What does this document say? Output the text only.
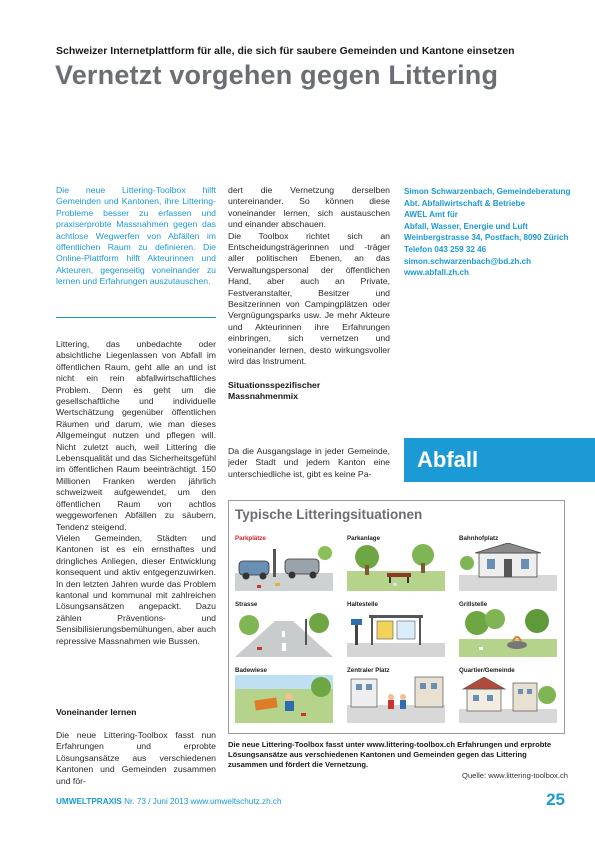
Schweizer Internetplattform für alle, die sich für saubere Gemeinden und Kantone einsetzen
Vernetzt vorgehen gegen Littering
Die neue Littering-Toolbox hilft Gemeinden und Kantonen, ihre Littering-Probleme besser zu erfassen und praxiserprobte Massnahmen gegen das achtlose Wegwerfen von Abfällen im öffentlichen Raum zu definieren. Die Online-Plattform hilft Akteurinnen und Akteuren, gegenseitig voneinander zu lernen und Erfahrungen auszutauschen.

Littering, das unbedachte oder absichtliche Liegenlassen von Abfall im öffentlichen Raum, geht alle an und ist nicht ein rein abfallwirtschaftliches Problem. Denn es geht um die gesellschaftliche und individuelle Wertschätzung gegenüber öffentlichen Räumen und darum, wie man dieses Allgemeingut nutzen und pflegen will. Nicht zuletzt auch, weil Littering die Lebensqualität und das Sicherheitsgefühl im öffentlichen Raum beeinträchtigt. 150 Millionen Franken werden jährlich schweizweit aufgewendet, um den öffentlichen Raum von achtlos weggeworfenen Abfällen zu säubern, Tendenz steigend.

Vielen Gemeinden, Städten und Kantonen ist es ein ernsthaftes und dringliches Anliegen, dieser Entwicklung konsequent und aktiv entgegenzuwirken. In den letzten Jahren wurde das Problem kantonal und kommunal mit zahlreichen Lösungsansätzen angepackt. Dazu zählen Präventions- und Sensibilisierungsbemühungen, aber auch repressive Massnahmen wie Bussen.

Voneinander lernen
Die neue Littering-Toolbox fasst nun Erfahrungen und erprobte Lösungsansätze aus verschiedenen Kantonen und Gemeinden zusammen und för-

dert die Vernetzung derselben untereinander. So können diese voneinander lernen, sich austauschen und einander abschauen.

Die Toolbox richtet sich an Entscheidungsträgerinnen und -träger aller politischen Ebenen, an das Verwaltungspersonal der öffentlichen Hand, aber auch an Private, Festveranstalter, Besitzer und Besitzerinnen von Campingplätzen oder Vergnügungsparks usw. Je mehr Akteure und Akteurinnen ihre Erfahrungen einbringen, sich vernetzen und voneinander lernen, desto wirkungsvoller wird das Instrument.

Situationsspezifischer
Massnahmenmix
Da die Ausgangslage in jeder Gemeinde, jeder Stadt und jedem Kanton eine unterschiedliche ist, gibt es keine Pa-
Simon Schwarzenbach, Gemeindeberatung
Abt. Abfallwirtschaft & Betriebe
AWEL Amt für
Abfall, Wasser, Energie und Luft
Weinbergstrasse 34, Postfach, 8090 Zürich
Telefon 043 259 32 46
simon.schwarzenbach@bd.zh.ch
www.abfall.zh.ch
Abfall
Typische Litteringsituationen
Parkplätze	Parkanlage	Bahnhofplatz
Strasse	Haltestelle	Grillstelle
Badewiese	Zentraler Platz	Quartier/Gemeinde
Die neue Littering-Toolbox fasst unter www.littering-toolbox.ch Erfahrungen und erprobte Lösungsansätze aus verschiedenen Kantonen und Gemeinden gegen das Littering zusammen und fördert die Vernetzung.
Quelle: www.littering-toolbox.ch
UMWELTPRAXIS Nr. 73 / Juni 2013 www.umweltschutz.zh.ch	25
